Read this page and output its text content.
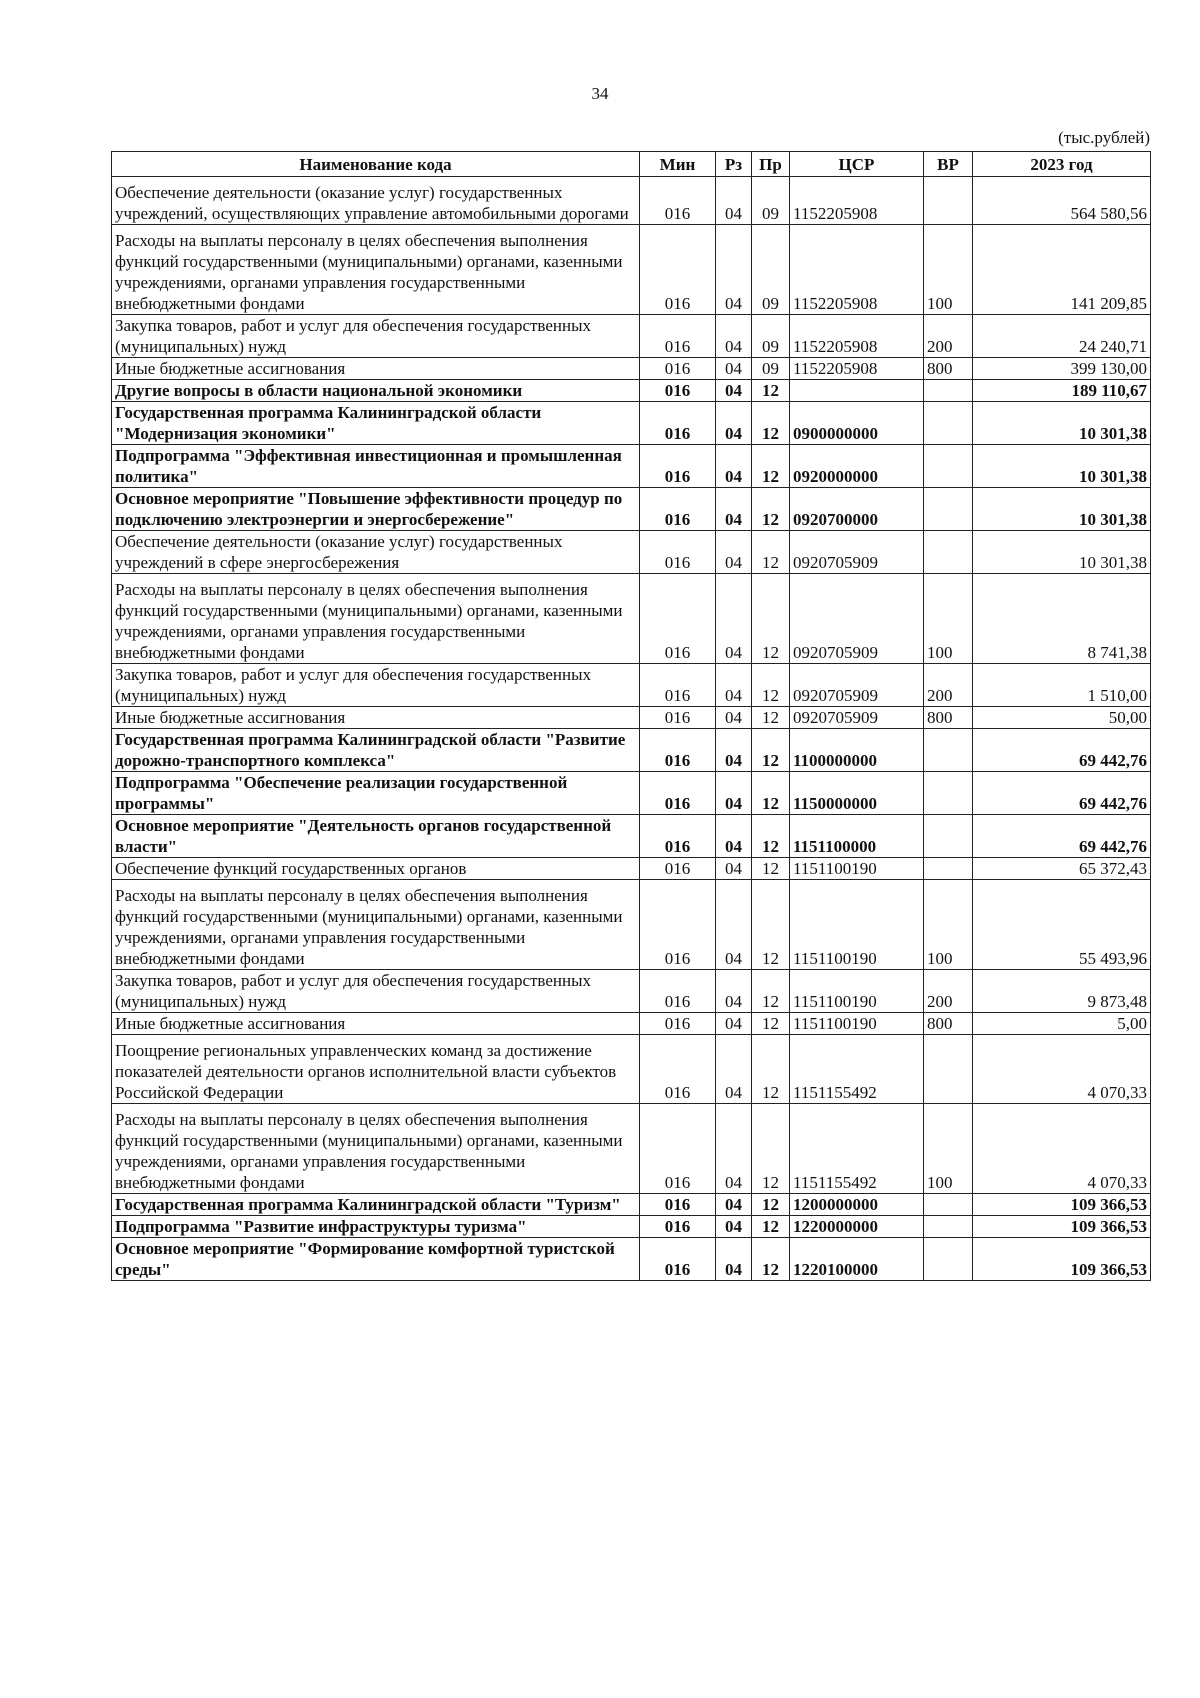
34
(тыс.рублей)
Наименование кода	Мин	Рз	Пр	ЦСР	ВР	2023 год
Обеспечение деятельности (оказание услуг) государственных учреждений, осуществляющих управление автомобильными дорогами	016	04	09	1152205908		564 580,56
Расходы на выплаты персоналу в целях обеспечения выполнения функций государственными (муниципальными) органами, казенными учреждениями, органами управления государственными внебюджетными фондами	016	04	09	1152205908	100	141 209,85
Закупка товаров, работ и услуг для обеспечения государственных (муниципальных) нужд	016	04	09	1152205908	200	24 240,71
Иные бюджетные ассигнования	016	04	09	1152205908	800	399 130,00
Другие вопросы в области национальной экономики	016	04	12			189 110,67
Государственная программа Калининградской области "Модернизация экономики"	016	04	12	0900000000		10 301,38
Подпрограмма "Эффективная инвестиционная и промышленная политика"	016	04	12	0920000000		10 301,38
Основное мероприятие "Повышение эффективности процедур по подключению электроэнергии и энергосбережение"	016	04	12	0920700000		10 301,38
Обеспечение деятельности (оказание услуг) государственных учреждений в сфере энергосбережения	016	04	12	0920705909		10 301,38
Расходы на выплаты персоналу в целях обеспечения выполнения функций государственными (муниципальными) органами, казенными учреждениями, органами управления государственными внебюджетными фондами	016	04	12	0920705909	100	8 741,38
Закупка товаров, работ и услуг для обеспечения государственных (муниципальных) нужд	016	04	12	0920705909	200	1 510,00
Иные бюджетные ассигнования	016	04	12	0920705909	800	50,00
Государственная программа Калининградской области "Развитие дорожно-транспортного комплекса"	016	04	12	1100000000		69 442,76
Подпрограмма "Обеспечение реализации государственной программы"	016	04	12	1150000000		69 442,76
Основное мероприятие "Деятельность органов государственной власти"	016	04	12	1151100000		69 442,76
Обеспечение функций государственных органов	016	04	12	1151100190		65 372,43
Расходы на выплаты персоналу в целях обеспечения выполнения функций государственными (муниципальными) органами, казенными учреждениями, органами управления государственными внебюджетными фондами	016	04	12	1151100190	100	55 493,96
Закупка товаров, работ и услуг для обеспечения государственных (муниципальных) нужд	016	04	12	1151100190	200	9 873,48
Иные бюджетные ассигнования	016	04	12	1151100190	800	5,00
Поощрение региональных управленческих команд за достижение показателей деятельности органов исполнительной власти субъектов Российской Федерации	016	04	12	1151155492		4 070,33
Расходы на выплаты персоналу в целях обеспечения выполнения функций государственными (муниципальными) органами, казенными учреждениями, органами управления государственными внебюджетными фондами	016	04	12	1151155492	100	4 070,33
Государственная программа Калининградской области "Туризм"	016	04	12	1200000000		109 366,53
Подпрограмма "Развитие инфраструктуры туризма"	016	04	12	1220000000		109 366,53
Основное мероприятие "Формирование комфортной туристской среды"	016	04	12	1220100000		109 366,53
